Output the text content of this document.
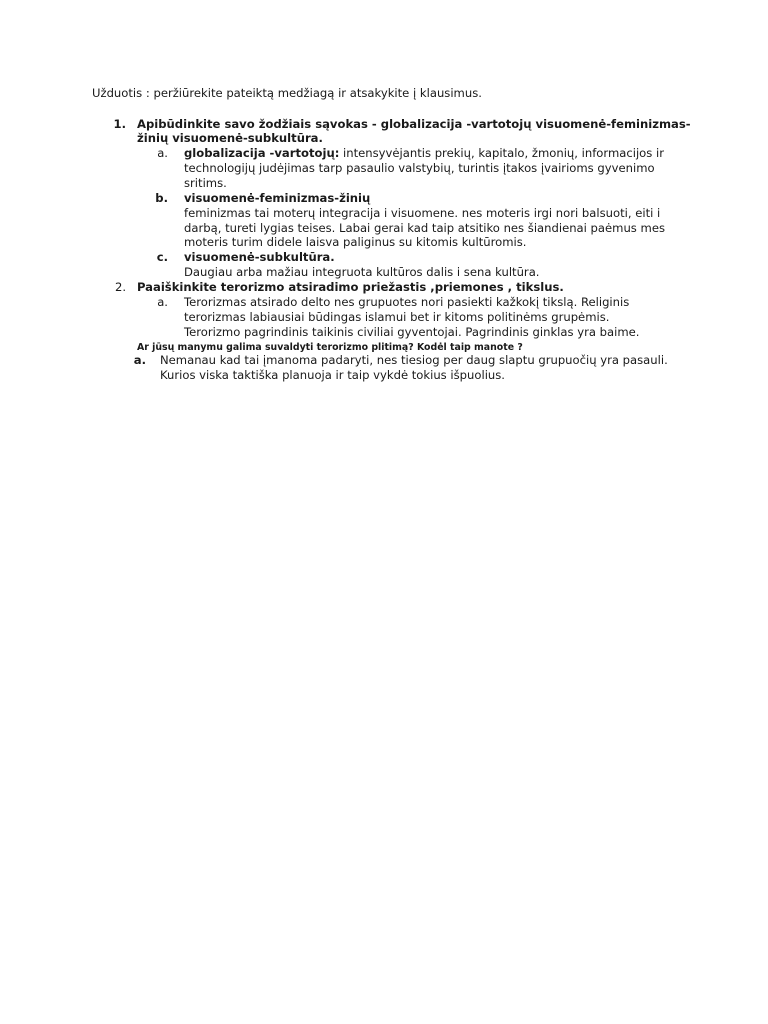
Užduotis : peržiūrekite pateiktą medžiagą ir atsakykite į klausimus.
1. Apibūdinkite savo žodžiais sąvokas - globalizacija -vartotojų visuomenė-feminizmas-
žinių visuomenė-subkultūra.
a. globalizacija -vartotojų: intensyvėjantis prekių, kapitalo, žmonių, informacijos ir
technologijų judėjimas tarp pasaulio valstybių, turintis įtakos įvairioms gyvenimo
sritims.
b. visuomenė-feminizmas-žinių
feminizmas tai moterų integracija i visuomene. nes moteris irgi nori balsuoti, eiti i
darbą, tureti lygias teises. Labai gerai kad taip atsitiko nes šiandienai paėmus mes
moteris turim didele laisva paliginus su kitomis kultūromis.
c. visuomenė-subkultūra.
Daugiau arba mažiau integruota kultūros dalis i sena kultūra.
2. Paaiškinkite terorizmo atsiradimo priežastis ,priemones , tikslus.
a. Terorizmas atsirado delto nes grupuotes nori pasiekti kažkokį tikslą. Religinis
terorizmas labiausiai būdingas islamui bet ir kitoms politinėms grupėmis.
Terorizmo pagrindinis taikinis civiliai gyventojai. Pagrindinis ginklas yra baime.
Ar jūsų manymu galima suvaldyti terorizmo plitimą? Kodėl taip manote ?
a. Nemanau kad tai įmanoma padaryti, nes tiesiog per daug slaptu grupuočių yra pasauli.
Kurios viska taktiška planuoja ir taip vykdė tokius išpuolius.
